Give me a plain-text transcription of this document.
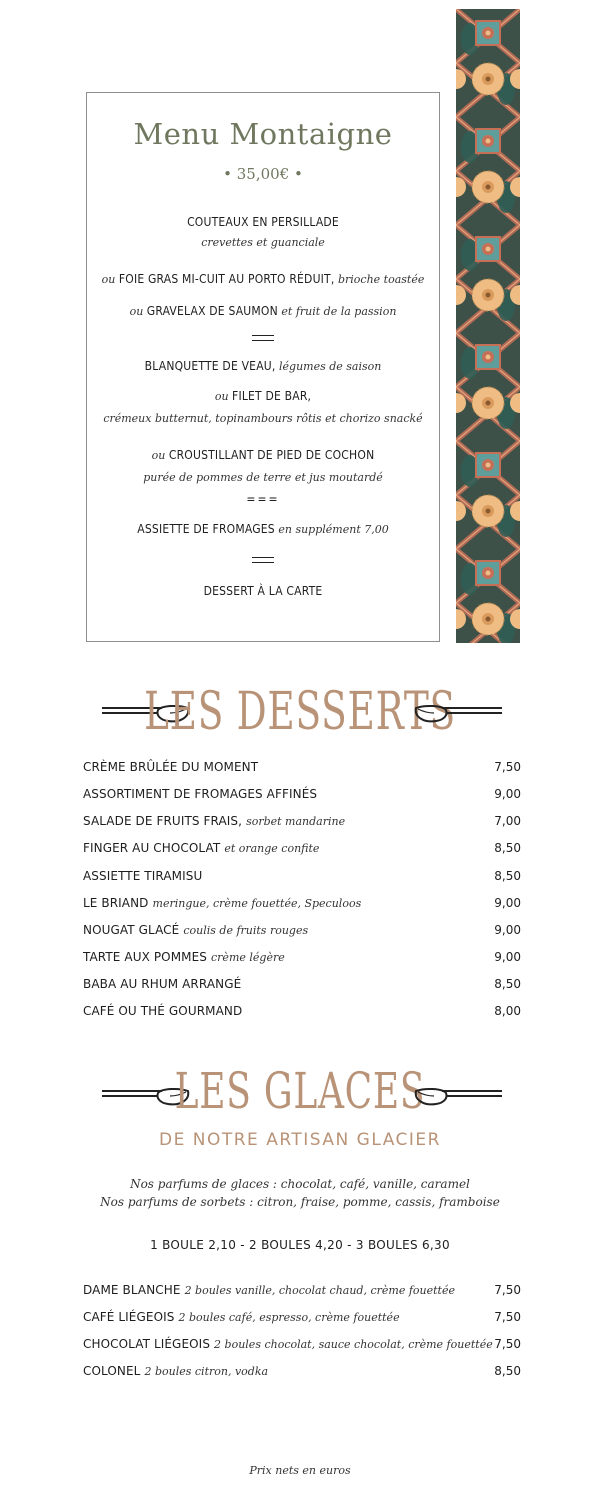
Menu Montaigne
• 35,00€ •
COUTEAUX EN PERSILLADE
crevettes et guanciale
ou FOIE GRAS MI-CUIT AU PORTO RÉDUIT, brioche toastée
ou GRAVELAX DE SAUMON et fruit de la passion
BLANQUETTE DE VEAU, légumes de saison
ou FILET DE BAR,
crémeux butternut, topinambours rôtis et chorizo snacké
ou CROUSTILLANT DE PIED DE COCHON
purée de pommes de terre et jus moutardé
===
ASSIETTE DE FROMAGES en supplément 7,00
DESSERT À LA CARTE
LES DESSERTS
CRÈME BRÛLÉE DU MOMENT	7,50
ASSORTIMENT DE FROMAGES AFFINÉS	9,00
SALADE DE FRUITS FRAIS, sorbet mandarine	7,00
FINGER AU CHOCOLAT et orange confite	8,50
ASSIETTE TIRAMISU	8,50
LE BRIAND meringue, crème fouettée, Speculoos	9,00
NOUGAT GLACÉ coulis de fruits rouges	9,00
TARTE AUX POMMES crème légère	9,00
BABA AU RHUM ARRANGÉ	8,50
CAFÉ OU THÉ GOURMAND	8,00
LES GLACES
DE NOTRE ARTISAN GLACIER
Nos parfums de glaces : chocolat, café, vanille, caramel
Nos parfums de sorbets : citron, fraise, pomme, cassis, framboise
1 BOULE 2,10 - 2 BOULES 4,20 - 3 BOULES 6,30
DAME BLANCHE 2 boules vanille, chocolat chaud, crème fouettée	7,50
CAFÉ LIÉGEOIS 2 boules café, espresso, crème fouettée	7,50
CHOCOLAT LIÉGEOIS 2 boules chocolat, sauce chocolat, crème fouettée 7,50
COLONEL 2 boules citron, vodka	8,50
Prix nets en euros
